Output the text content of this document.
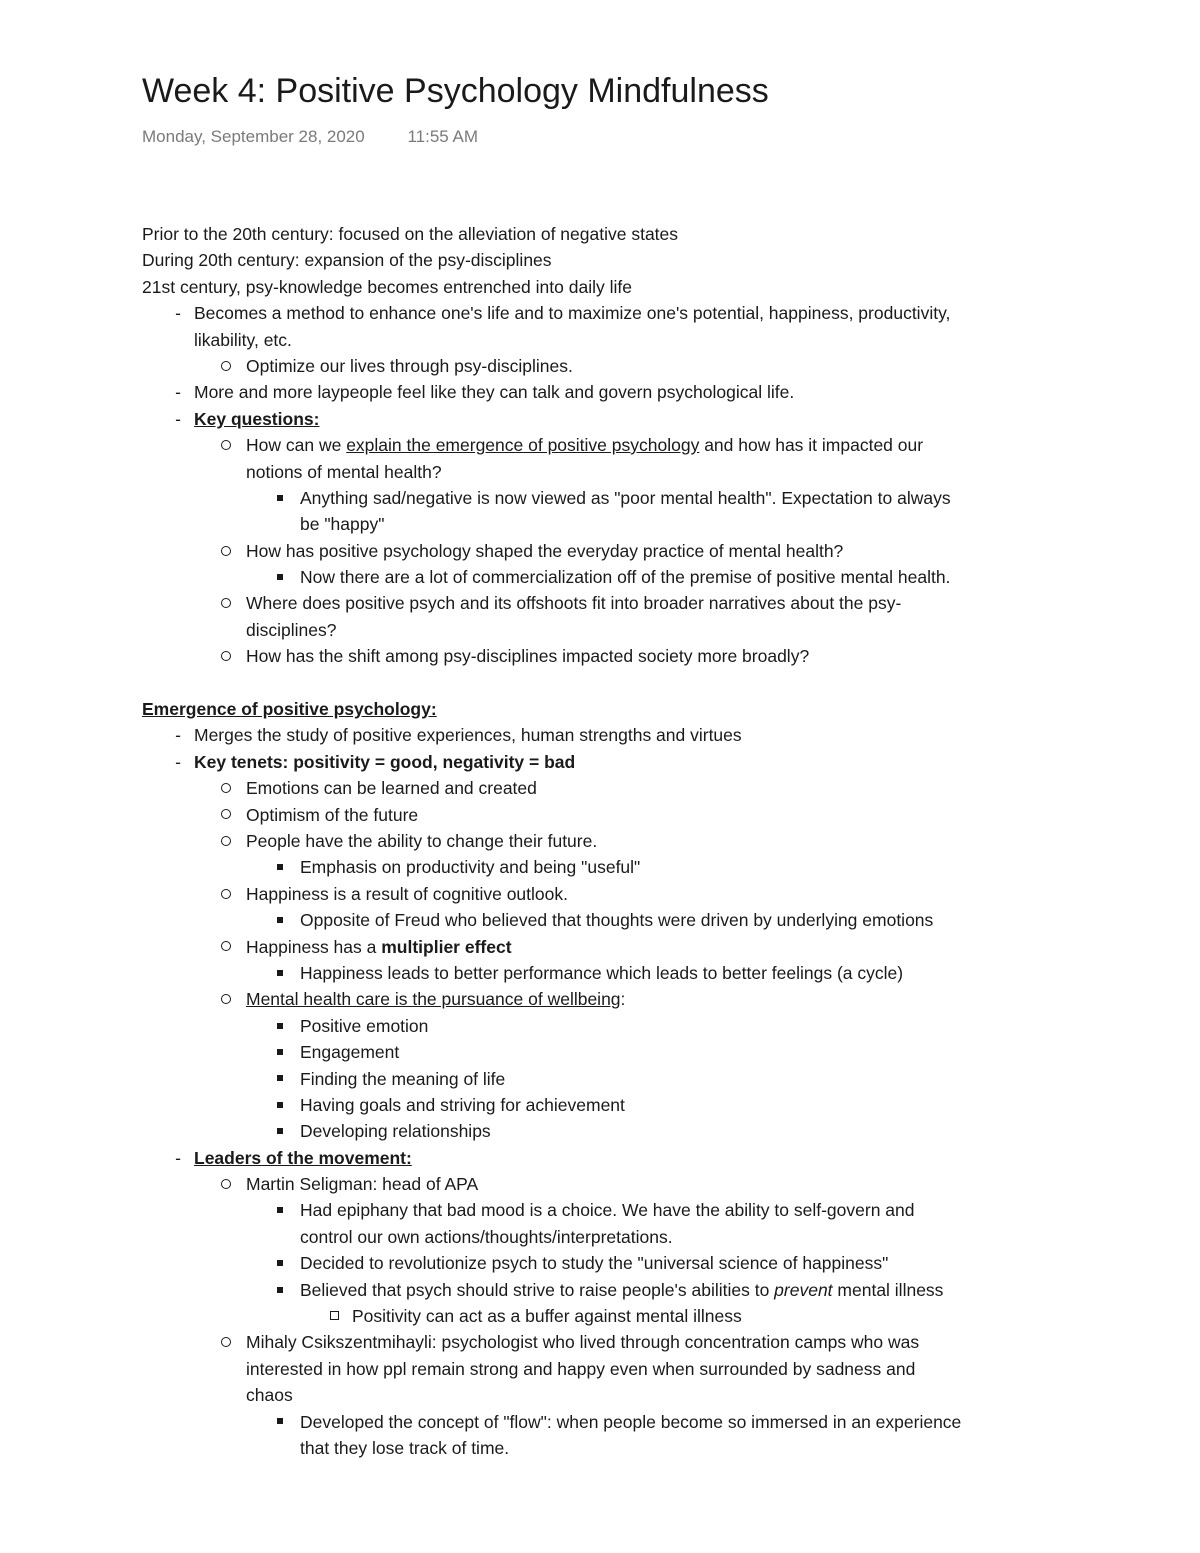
Week 4: Positive Psychology Mindfulness
Monday, September 28, 2020	11:55 AM
Prior to the 20th century: focused on the alleviation of negative states
During 20th century: expansion of the psy-disciplines
21st century, psy-knowledge becomes entrenched into daily life
-
Becomes a method to enhance one's life and to maximize one's potential, happiness, productivity,
likability, etc.
Optimize our lives through psy-disciplines.
-
More and more laypeople feel like they can talk and govern psychological life.
-
Key questions:
How can we explain the emergence of positive psychology and how has it impacted our
notions of mental health?
Anything sad/negative is now viewed as "poor mental health". Expectation to always
be "happy"
How has positive psychology shaped the everyday practice of mental health?
Now there are a lot of commercialization off of the premise of positive mental health.
Where does positive psych and its offshoots fit into broader narratives about the psy-
disciplines?
How has the shift among psy-disciplines impacted society more broadly?
Emergence of positive psychology:
-
Merges the study of positive experiences, human strengths and virtues
-
Key tenets: positivity = good, negativity = bad
Emotions can be learned and created
Optimism of the future
People have the ability to change their future.
Emphasis on productivity and being "useful"
Happiness is a result of cognitive outlook.
Opposite of Freud who believed that thoughts were driven by underlying emotions
Happiness has a multiplier effect
Happiness leads to better performance which leads to better feelings (a cycle)
Mental health care is the pursuance of wellbeing:
Positive emotion
Engagement
Finding the meaning of life
Having goals and striving for achievement
Developing relationships
-
Leaders of the movement:
Martin Seligman: head of APA
Had epiphany that bad mood is a choice. We have the ability to self-govern and
control our own actions/thoughts/interpretations.
Decided to revolutionize psych to study the "universal science of happiness"
Believed that psych should strive to raise people's abilities to prevent mental illness
Positivity can act as a buffer against mental illness
Mihaly Csikszentmihayli: psychologist who lived through concentration camps who was
interested in how ppl remain strong and happy even when surrounded by sadness and
chaos
Developed the concept of "flow": when people become so immersed in an experience
that they lose track of time.
